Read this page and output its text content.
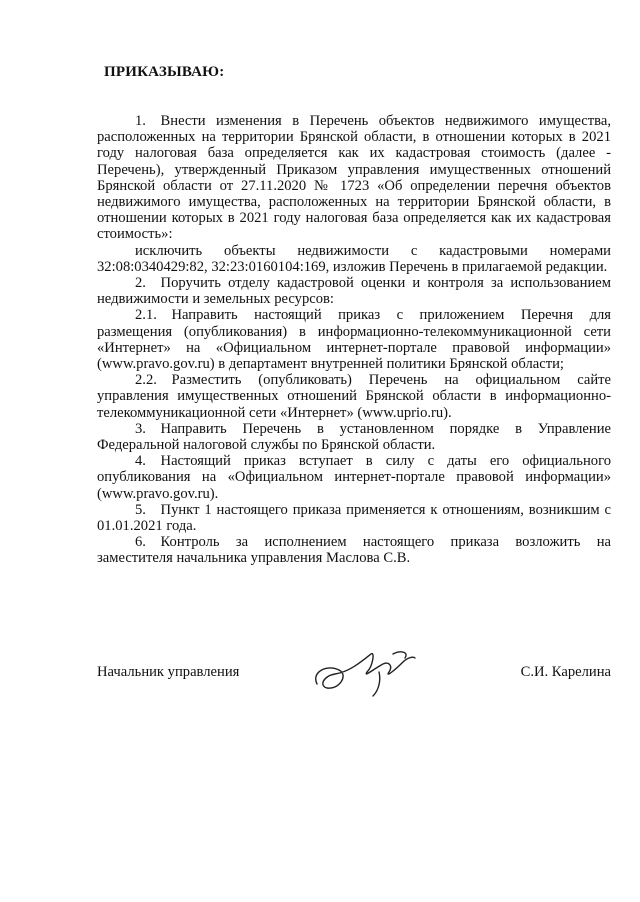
ПРИКАЗЫВАЮ:

1. Внести изменения в Перечень объектов недвижимого имущества, расположенных на территории Брянской области, в отношении которых в 2021 году налоговая база определяется как их кадастровая стоимость (далее - Перечень), утвержденный Приказом управления имущественных отношений Брянской области от 27.11.2020 № 1723 «Об определении перечня объектов недвижимого имущества, расположенных на территории Брянской области, в отношении которых в 2021 году налоговая база определяется как их кадастровая стоимость»:

исключить объекты недвижимости с кадастровыми номерами 32:08:0340429:82, 32:23:0160104:169, изложив Перечень в прилагаемой редакции.

2. Поручить отделу кадастровой оценки и контроля за использованием недвижимости и земельных ресурсов:

2.1. Направить настоящий приказ с приложением Перечня для размещения (опубликования) в информационно-телекоммуникационной сети «Интернет» на «Официальном интернет-портале правовой информации» (www.pravo.gov.ru) в департамент внутренней политики Брянской области;

2.2. Разместить (опубликовать) Перечень на официальном сайте управления имущественных отношений Брянской области в информационно-телекоммуникационной сети «Интернет» (www.uprio.ru).

3. Направить Перечень в установленном порядке в Управление Федеральной налоговой службы по Брянской области.

4. Настоящий приказ вступает в силу с даты его официального опубликования на «Официальном интернет-портале правовой информации» (www.pravo.gov.ru).

5. Пункт 1 настоящего приказа применяется к отношениям, возникшим с 01.01.2021 года.

6. Контроль за исполнением настоящего приказа возложить на заместителя начальника управления Маслова С.В.

Начальник управления	С.И. Карелина
